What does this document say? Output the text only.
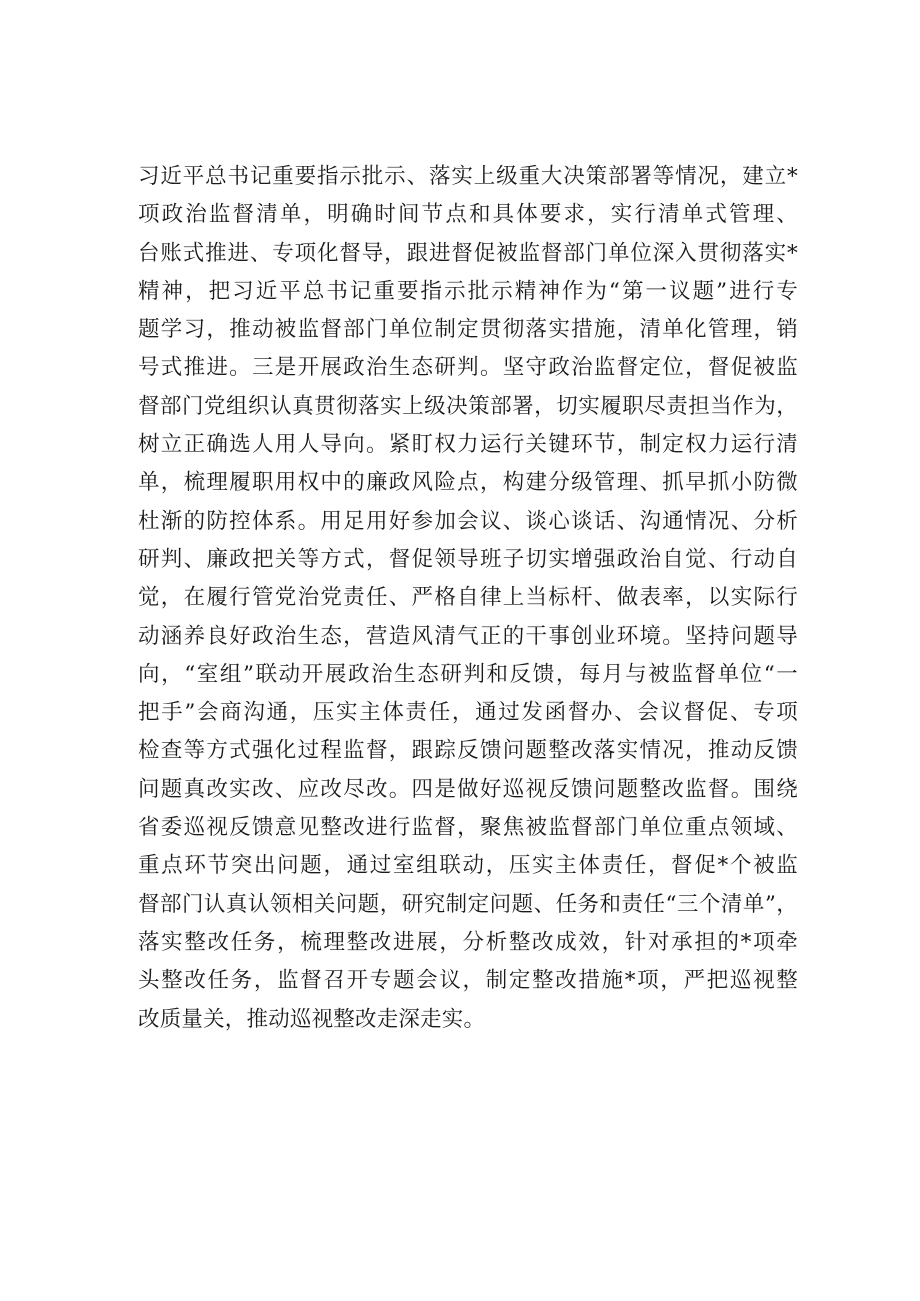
习近平总书记重要指示批示、落实上级重大决策部署等情况，建立*
项政治监督清单，明确时间节点和具体要求，实行清单式管理、
台账式推进、专项化督导，跟进督促被监督部门单位深入贯彻落实*
精神，把习近平总书记重要指示批示精神作为“第一议题”进行专
题学习，推动被监督部门单位制定贯彻落实措施，清单化管理，销
号式推进。三是开展政治生态研判。坚守政治监督定位，督促被监
督部门党组织认真贯彻落实上级决策部署，切实履职尽责担当作为，
树立正确选人用人导向。紧盯权力运行关键环节，制定权力运行清
单，梳理履职用权中的廉政风险点，构建分级管理、抓早抓小防微
杜渐的防控体系。用足用好参加会议、谈心谈话、沟通情况、分析
研判、廉政把关等方式，督促领导班子切实增强政治自觉、行动自
觉，在履行管党治党责任、严格自律上当标杆、做表率，以实际行
动涵养良好政治生态，营造风清气正的干事创业环境。坚持问题导
向，“室组”联动开展政治生态研判和反馈，每月与被监督单位“一
把手”会商沟通，压实主体责任，通过发函督办、会议督促、专项
检查等方式强化过程监督，跟踪反馈问题整改落实情况，推动反馈
问题真改实改、应改尽改。四是做好巡视反馈问题整改监督。围绕
省委巡视反馈意见整改进行监督，聚焦被监督部门单位重点领域、
重点环节突出问题，通过室组联动，压实主体责任，督促*个被监
督部门认真认领相关问题，研究制定问题、任务和责任“三个清单”，
落实整改任务，梳理整改进展，分析整改成效，针对承担的*项牵
头整改任务，监督召开专题会议，制定整改措施*项，严把巡视整
改质量关，推动巡视整改走深走实。
